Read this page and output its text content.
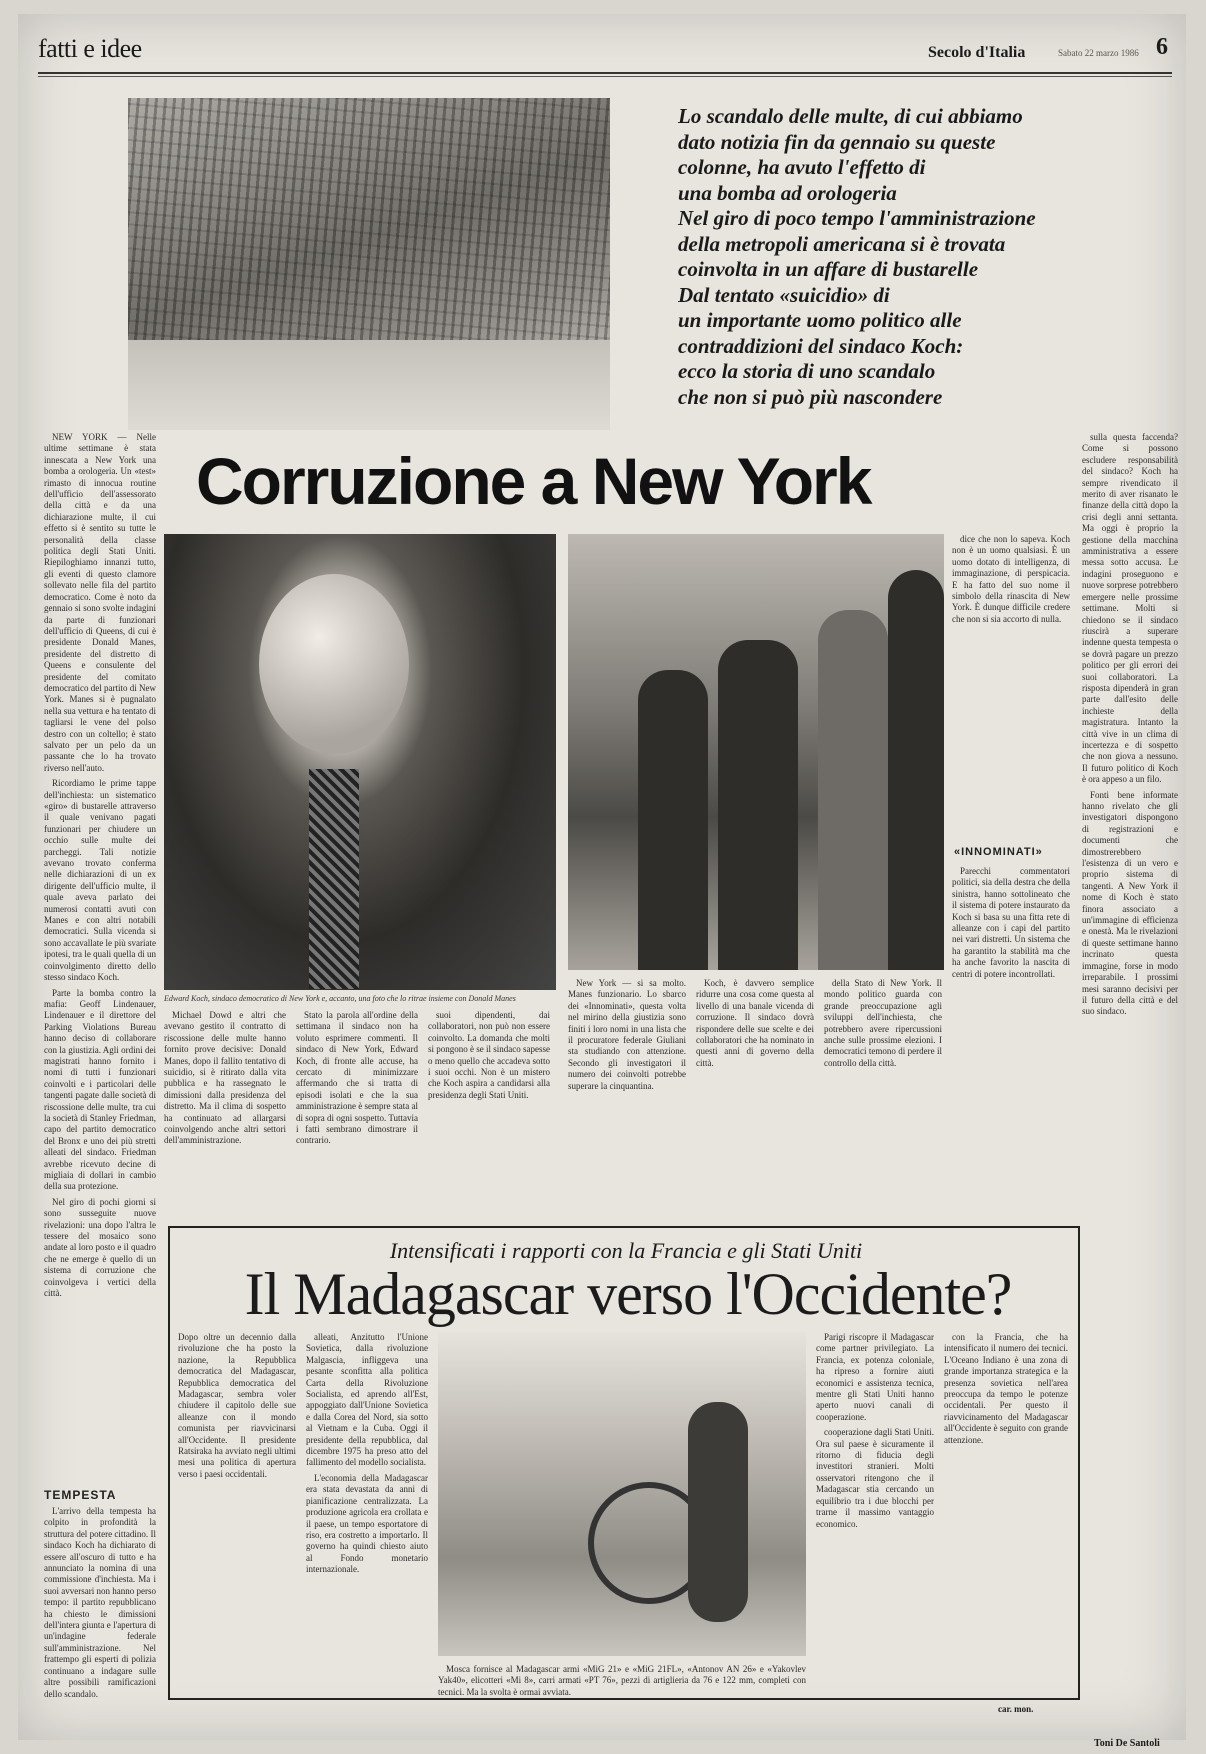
fatti e idee	Secolo d'Italia	Sabato 22 marzo 1986 6

Lo scandalo delle multe, di cui abbiamo

dato notizia fin da gennaio su queste

colonne, ha avuto l'effetto di

una bomba ad orologeria

Nel giro di poco tempo l'amministrazione

della metropoli americana si è trovata

coinvolta in un affare di bustarelle

Dal tentato «suicidio» di

un importante uomo politico alle

contraddizioni del sindaco Koch:

ecco la storia di uno scandalo

che non si può più nascondere

Corruzione a New York

NEW YORK — Nelle ultime settimane è stata innescata a New York una bomba a orologeria. Un «test» rimasto di innocua routine dell'ufficio dell'assessorato della città e da una dichiarazione multe, il cui effetto si è sentito su tutte le personalità della classe politica degli Stati Uniti. Riepiloghiamo innanzi tutto, gli eventi di questo clamore sollevato nelle fila del partito democratico. Come è noto da gennaio si sono svolte indagini da parte di funzionari dell'ufficio di Queens, di cui è presidente Donald Manes, presidente del distretto di Queens e consulente del presidente del comitato democratico del partito di New York. Manes si è pugnalato nella sua vettura e ha tentato di tagliarsi le vene del polso destro con un coltello; è stato salvato per un pelo da un passante che lo ha trovato riverso nell'auto.

Ricordiamo le prime tappe dell'inchiesta: un sistematico «giro» di bustarelle attraverso il quale venivano pagati funzionari per chiudere un occhio sulle multe dei parcheggi. Tali notizie avevano trovato conferma nelle dichiarazioni di un ex dirigente dell'ufficio multe, il quale aveva parlato dei numerosi contatti avuti con Manes e con altri notabili democratici. Sulla vicenda si sono accavallate le più svariate ipotesi, tra le quali quella di un coinvolgimento diretto dello stesso sindaco Koch.

Parte la bomba contro la mafia: Geoff Lindenauer, Lindenauer e il direttore del Parking Violations Bureau hanno deciso di collaborare con la giustizia. Agli ordini dei magistrati hanno fornito i nomi di tutti i funzionari coinvolti e i particolari delle tangenti pagate dalle società di riscossione delle multe, tra cui la società di Stanley Friedman, capo del partito democratico del Bronx e uno dei più stretti alleati del sindaco. Friedman avrebbe ricevuto decine di migliaia di dollari in cambio della sua protezione.

Nel giro di pochi giorni si sono susseguite nuove rivelazioni: una dopo l'altra le tessere del mosaico sono andate al loro posto e il quadro che ne emerge è quello di un sistema di corruzione che coinvolgeva i vertici della città.

TEMPESTA

L'arrivo della tempesta ha colpito in profondità la struttura del potere cittadino. Il sindaco Koch ha dichiarato di essere all'oscuro di tutto e ha annunciato la nomina di una commissione d'inchiesta. Ma i suoi avversari non hanno perso tempo: il partito repubblicano ha chiesto le dimissioni dell'intera giunta e l'apertura di un'indagine federale sull'amministrazione. Nel frattempo gli esperti di polizia continuano a indagare sulle altre possibili ramificazioni dello scandalo.

Edward Koch, sindaco democratico di New York e, accanto, una foto che lo ritrae insieme con Donald Manes

Michael Dowd e altri che avevano gestito il contratto di riscossione delle multe hanno fornito prove decisive: Donald Manes, dopo il fallito tentativo di suicidio, si è ritirato dalla vita pubblica e ha rassegnato le dimissioni dalla presidenza del distretto. Ma il clima di sospetto ha continuato ad allargarsi coinvolgendo anche altri settori dell'amministrazione.

Stato la parola all'ordine della settimana il sindaco non ha voluto esprimere commenti. Il sindaco di New York, Edward Koch, di fronte alle accuse, ha cercato di minimizzare affermando che si tratta di episodi isolati e che la sua amministrazione è sempre stata al di sopra di ogni sospetto. Tuttavia i fatti sembrano dimostrare il contrario.

suoi dipendenti, dai collaboratori, non può non essere coinvolto. La domanda che molti si pongono è se il sindaco sapesse o meno quello che accadeva sotto i suoi occhi. Non è un mistero che Koch aspira a candidarsi alla presidenza degli Stati Uniti.

New York — si sa molto. Manes funzionario. Lo sbarco dei «Innominati», questa volta nel mirino della giustizia sono finiti i loro nomi in una lista che il procuratore federale Giuliani sta studiando con attenzione. Secondo gli investigatori il numero dei coinvolti potrebbe superare la cinquantina.

Koch, è davvero semplice ridurre una cosa come questa al livello di una banale vicenda di corruzione. Il sindaco dovrà rispondere delle sue scelte e dei collaboratori che ha nominato in questi anni di governo della città.

della Stato di New York. Il mondo politico guarda con grande preoccupazione agli sviluppi dell'inchiesta, che potrebbero avere ripercussioni anche sulle prossime elezioni. I democratici temono di perdere il controllo della città.

dice che non lo sapeva. Koch non è un uomo qualsiasi. È un uomo dotato di intelligenza, di immaginazione, di perspicacia. E ha fatto del suo nome il simbolo della rinascita di New York. È dunque difficile credere che non si sia accorto di nulla.

«INNOMINATI»

Parecchi commentatori politici, sia della destra che della sinistra, hanno sottolineato che il sistema di potere instaurato da Koch si basa su una fitta rete di alleanze con i capi del partito nei vari distretti. Un sistema che ha garantito la stabilità ma che ha anche favorito la nascita di centri di potere incontrollati.

sulla questa faccenda? Come si possono escludere responsabilità del sindaco? Koch ha sempre rivendicato il merito di aver risanato le finanze della città dopo la crisi degli anni settanta. Ma oggi è proprio la gestione della macchina amministrativa a essere messa sotto accusa. Le indagini proseguono e nuove sorprese potrebbero emergere nelle prossime settimane. Molti si chiedono se il sindaco riuscirà a superare indenne questa tempesta o se dovrà pagare un prezzo politico per gli errori dei suoi collaboratori. La risposta dipenderà in gran parte dall'esito delle inchieste della magistratura. Intanto la città vive in un clima di incertezza e di sospetto che non giova a nessuno. Il futuro politico di Koch è ora appeso a un filo.

Fonti bene informate hanno rivelato che gli investigatori dispongono di registrazioni e documenti che dimostrerebbero l'esistenza di un vero e proprio sistema di tangenti. A New York il nome di Koch è stato finora associato a un'immagine di efficienza e onestà. Ma le rivelazioni di queste settimane hanno incrinato questa immagine, forse in modo irreparabile. I prossimi mesi saranno decisivi per il futuro della città e del suo sindaco.

Toni De Santoli
Intensificati i rapporti con la Francia e gli Stati Uniti
Il Madagascar verso l'Occidente?

Dopo oltre un decennio dalla rivoluzione che ha posto la nazione, la Repubblica democratica del Madagascar, Repubblica democratica del Madagascar, sembra voler chiudere il capitolo delle sue alleanze con il mondo comunista per riavvicinarsi all'Occidente. Il presidente Ratsiraka ha avviato negli ultimi mesi una politica di apertura verso i paesi occidentali.

alleati, Anzitutto l'Unione Sovietica, dalla rivoluzione Malgascia, infliggeva una pesante sconfitta alla politica Carta della Rivoluzione Socialista, ed aprendo all'Est, appoggiato dall'Unione Sovietica e dalla Corea del Nord, sia sotto al Vietnam e la Cuba. Oggi il presidente della repubblica, dal dicembre 1975 ha preso atto del fallimento del modello socialista.

L'economia della Madagascar era stata devastata da anni di pianificazione centralizzata. La produzione agricola era crollata e il paese, un tempo esportatore di riso, era costretto a importarlo. Il governo ha quindi chiesto aiuto al Fondo monetario internazionale.

Mosca fornisce al Madagascar armi «MiG 21» e «MiG 21FL», «Antonov AN 26» e «Yakovlev Yak40», elicotteri «Mi 8», carri armati «PT 76», pezzi di artiglieria da 76 e 122 mm, completi con tecnici. Ma la svolta è ormai avviata.

Parigi riscopre il Madagascar come partner privilegiato. La Francia, ex potenza coloniale, ha ripreso a fornire aiuti economici e assistenza tecnica, mentre gli Stati Uniti hanno aperto nuovi canali di cooperazione.

cooperazione dagli Stati Uniti. Ora sul paese è sicuramente il ritorno di fiducia degli investitori stranieri. Molti osservatori ritengono che il Madagascar stia cercando un equilibrio tra i due blocchi per trarne il massimo vantaggio economico.

con la Francia, che ha intensificato il numero dei tecnici. L'Oceano Indiano è una zona di grande importanza strategica e la presenza sovietica nell'area preoccupa da tempo le potenze occidentali. Per questo il riavvicinamento del Madagascar all'Occidente è seguito con grande attenzione.

car. mon.
